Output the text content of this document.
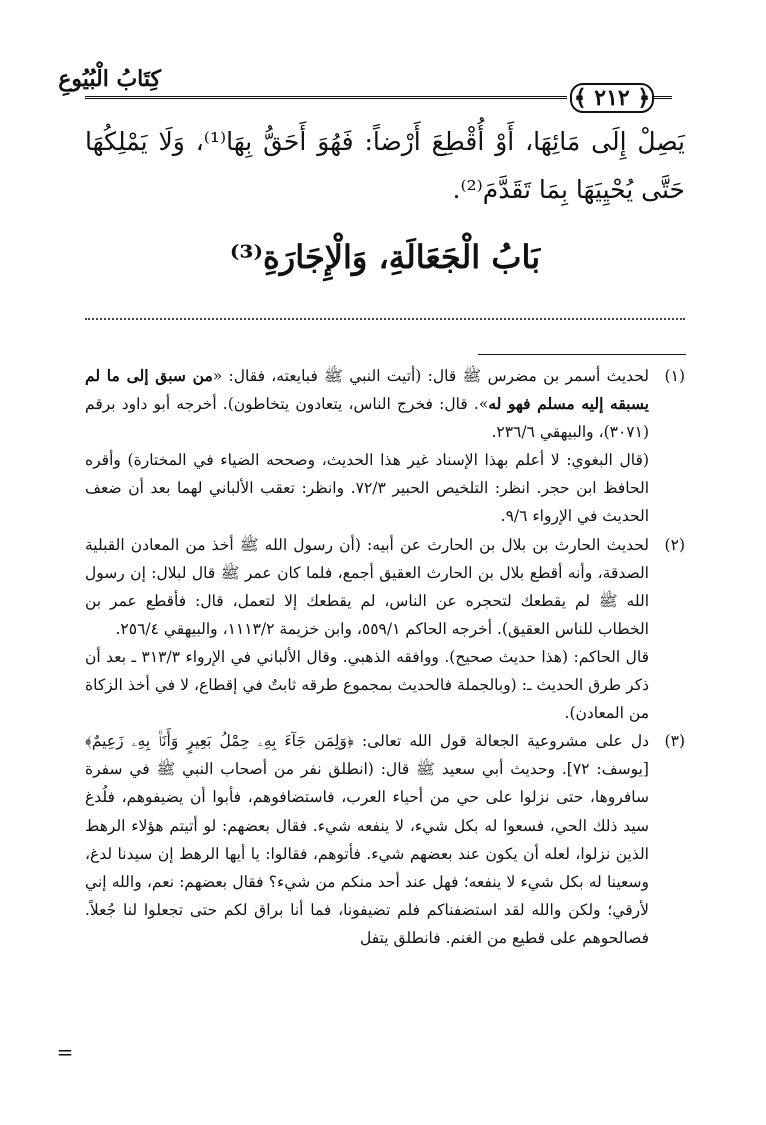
كِتَابُ الْبُيُوعِ
﴿ ٢١٢ ﴾
يَصِلْ إِلَى مَائِهَا، أَوْ أُقْطِعَ أَرْضاً: فَهُوَ أَحَقُّ بِهَا⁽¹⁾، وَلَا يَمْلِكُهَا حَتَّى يُحْيِيَهَا بِمَا تَقَدَّمَ⁽²⁾.
بَابُ الْجَعَالَةِ، وَالْإِجَارَةِ⁽³⁾
(١)

لحديث أسمر بن مضرس ﷺ قال: (أتيت النبي ﷺ فبايعته، فقال: «من سبق إلى ما لم يسبقه إليه مسلم فهو له». قال: فخرج الناس، يتعادون يتخاطون). أخرجه أبو داود برقم (٣٠٧١)، والبيهقي ٢٣٦/٦.

(قال البغوي: لا أعلم بهذا الإسناد غير هذا الحديث، وصححه الضياء في المختارة) وأقره الحافظ ابن حجر. انظر: التلخيص الحبير ٧٢/٣. وانظر: تعقب الألباني لهما بعد أن ضعف الحديث في الإرواء ٩/٦.

(٢)

لحديث الحارث بن بلال بن الحارث عن أبيه: (أن رسول الله ﷺ أخذ من المعادن القبلية الصدقة، وأنه أقطع بلال بن الحارث العقيق أجمع، فلما كان عمر ﷺ قال لبلال: إن رسول الله ﷺ لم يقطعك لتحجره عن الناس، لم يقطعك إلا لتعمل، قال: فأقطع عمر بن الخطاب للناس العقيق). أخرجه الحاكم ٥٥٩/١، وابن خزيمة ١١١٣/٢، والبيهقي ٢٥٦/٤.

قال الحاكم: (هذا حديث صحيح). ووافقه الذهبي. وقال الألباني في الإرواء ٣١٣/٣ ـ بعد أن ذكر طرق الحديث ـ: (وبالجملة فالحديث بمجموع طرقه ثابتٌ في إقطاع، لا في أخذ الزكاة من المعادن).

(٣)

دل على مشروعية الجعالة قول الله تعالى: ﴿وَلِمَن جَآءَ بِهِۦ حِمْلُ بَعِيرٍ وَأَنَا۠ بِهِۦ زَعِيمٌ﴾ [يوسف: ٧٢]. وحديث أبي سعيد ﷺ قال: (انطلق نفر من أصحاب النبي ﷺ في سفرة سافروها، حتى نزلوا على حي من أحياء العرب، فاستضافوهم، فأبوا أن يضيفوهم، فلُدغ سيد ذلك الحي، فسعوا له بكل شيء، لا ينفعه شيء. فقال بعضهم: لو أتيتم هؤلاء الرهط الذين نزلوا، لعله أن يكون عند بعضهم شيء. فأتوهم، فقالوا: يا أيها الرهط إن سيدنا لدغ، وسعينا له بكل شيء لا ينفعه؛ فهل عند أحد منكم من شيء؟ فقال بعضهم: نعم، والله إني لأرقي؛ ولكن والله لقد استضفناكم فلم تضيفونا، فما أنا براق لكم حتى تجعلوا لنا جُعلاً. فصالحوهم على قطيع من الغنم. فانطلق يتفل

=
